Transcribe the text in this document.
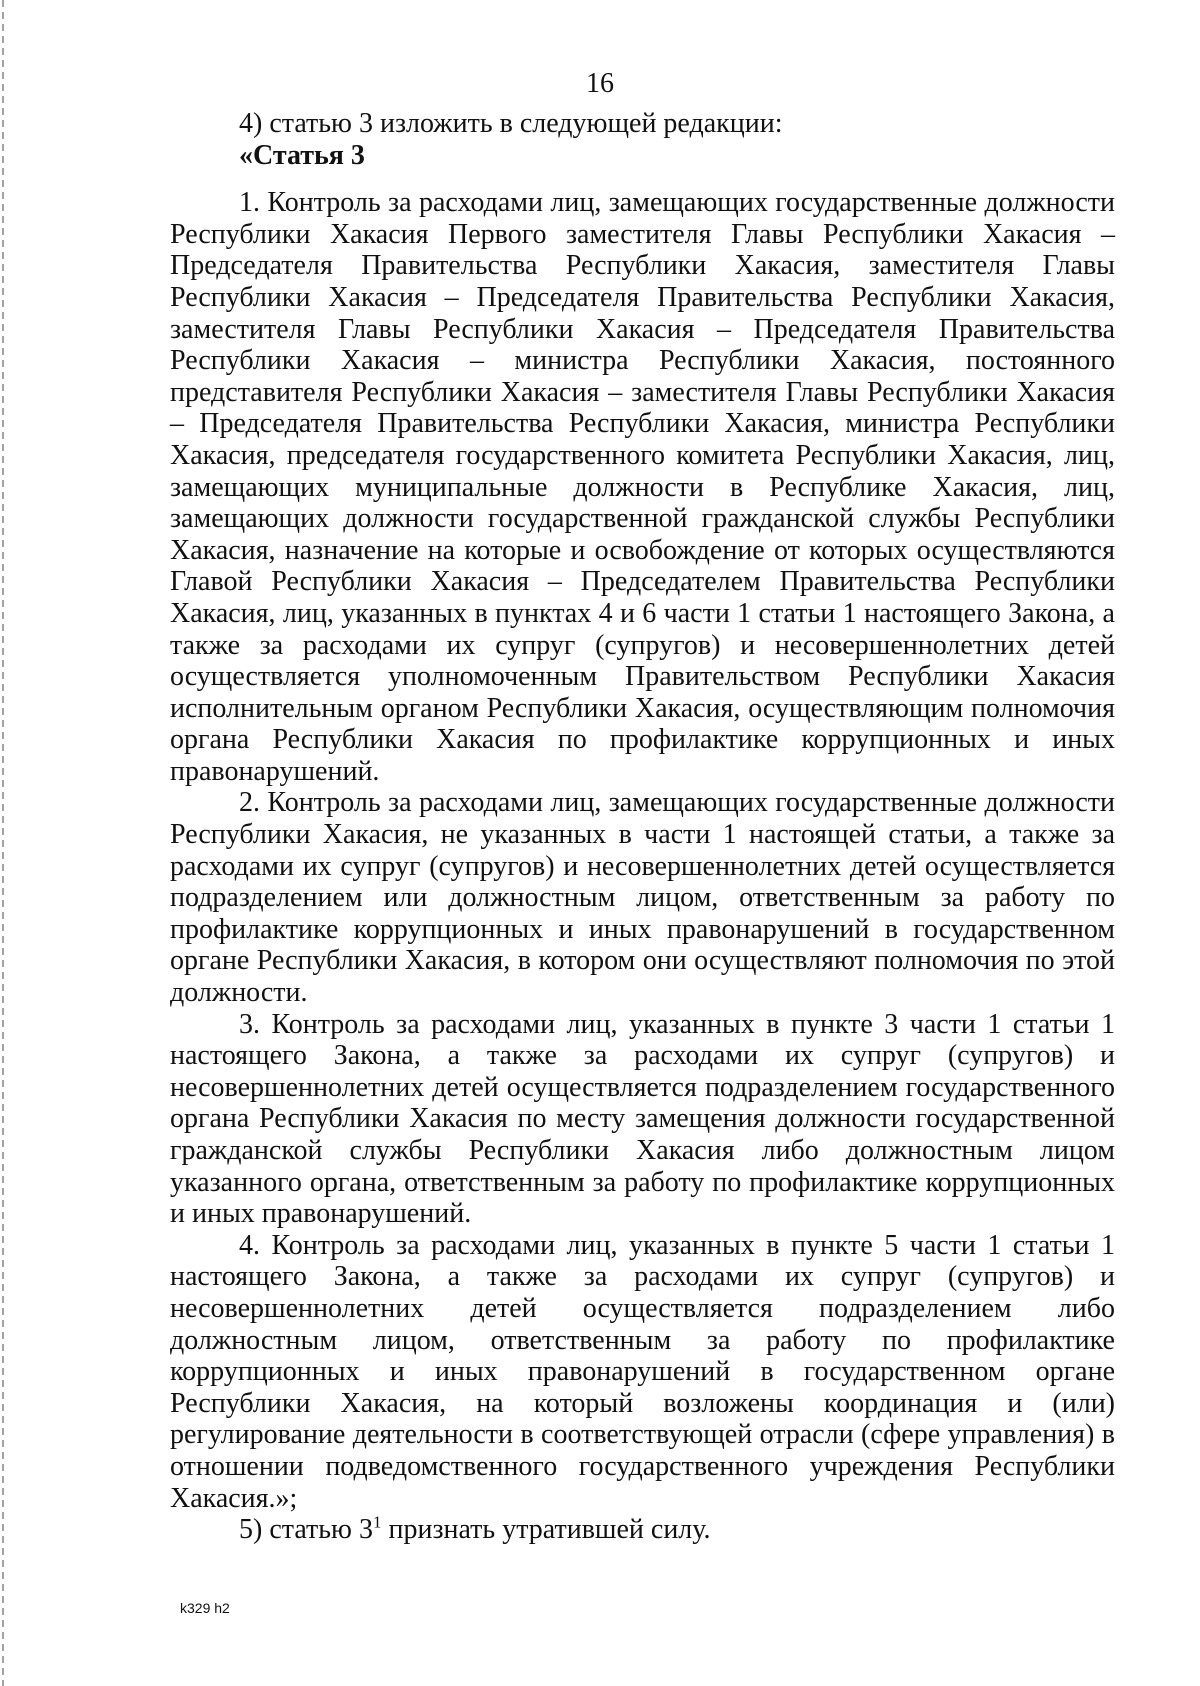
16

4) статью 3 изложить в следующей редакции:

«Статья 3

1. Контроль за расходами лиц, замещающих государственные должности Республики Хакасия Первого заместителя Главы Республики Хакасия – Председателя Правительства Республики Хакасия, заместителя Главы Республики Хакасия – Председателя Правительства Республики Хакасия, заместителя Главы Республики Хакасия – Председателя Правительства Республики Хакасия – министра Республики Хакасия, постоянного представителя Республики Хакасия – заместителя Главы Республики Хакасия – Председателя Правительства Республики Хакасия, министра Республики Хакасия, председателя государственного комитета Республики Хакасия, лиц, замещающих муниципальные должности в Республике Хакасия, лиц, замещающих должности государственной гражданской службы Республики Хакасия, назначение на которые и освобождение от которых осуществляются Главой Республики Хакасия – Председателем Правительства Республики Хакасия, лиц, указанных в пунктах 4 и 6 части 1 статьи 1 настоящего Закона, а также за расходами их супруг (супругов) и несовершеннолетних детей осуществляется уполномоченным Правительством Республики Хакасия исполнительным органом Республики Хакасия, осуществляющим полномочия органа Республики Хакасия по профилактике коррупционных и иных правонарушений.

2. Контроль за расходами лиц, замещающих государственные должности Республики Хакасия, не указанных в части 1 настоящей статьи, а также за расходами их супруг (супругов) и несовершеннолетних детей осуществляется подразделением или должностным лицом, ответственным за работу по профилактике коррупционных и иных правонарушений в государственном органе Республики Хакасия, в котором они осуществляют полномочия по этой должности.

3. Контроль за расходами лиц, указанных в пункте 3 части 1 статьи 1 настоящего Закона, а также за расходами их супруг (супругов) и несовершеннолетних детей осуществляется подразделением государственного органа Республики Хакасия по месту замещения должности государственной гражданской службы Республики Хакасия либо должностным лицом указанного органа, ответственным за работу по профилактике коррупционных и иных правонарушений.

4. Контроль за расходами лиц, указанных в пункте 5 части 1 статьи 1 настоящего Закона, а также за расходами их супруг (супругов) и несовершеннолетних детей осуществляется подразделением либо должностным лицом, ответственным за работу по профилактике коррупционных и иных правонарушений в государственном органе Республики Хакасия, на который возложены координация и (или) регулирование деятельности в соответствующей отрасли (сфере управления) в отношении подведомственного государственного учреждения Республики Хакасия.»;

5) статью $3^1$ признать утратившей силу.

k329 h2
